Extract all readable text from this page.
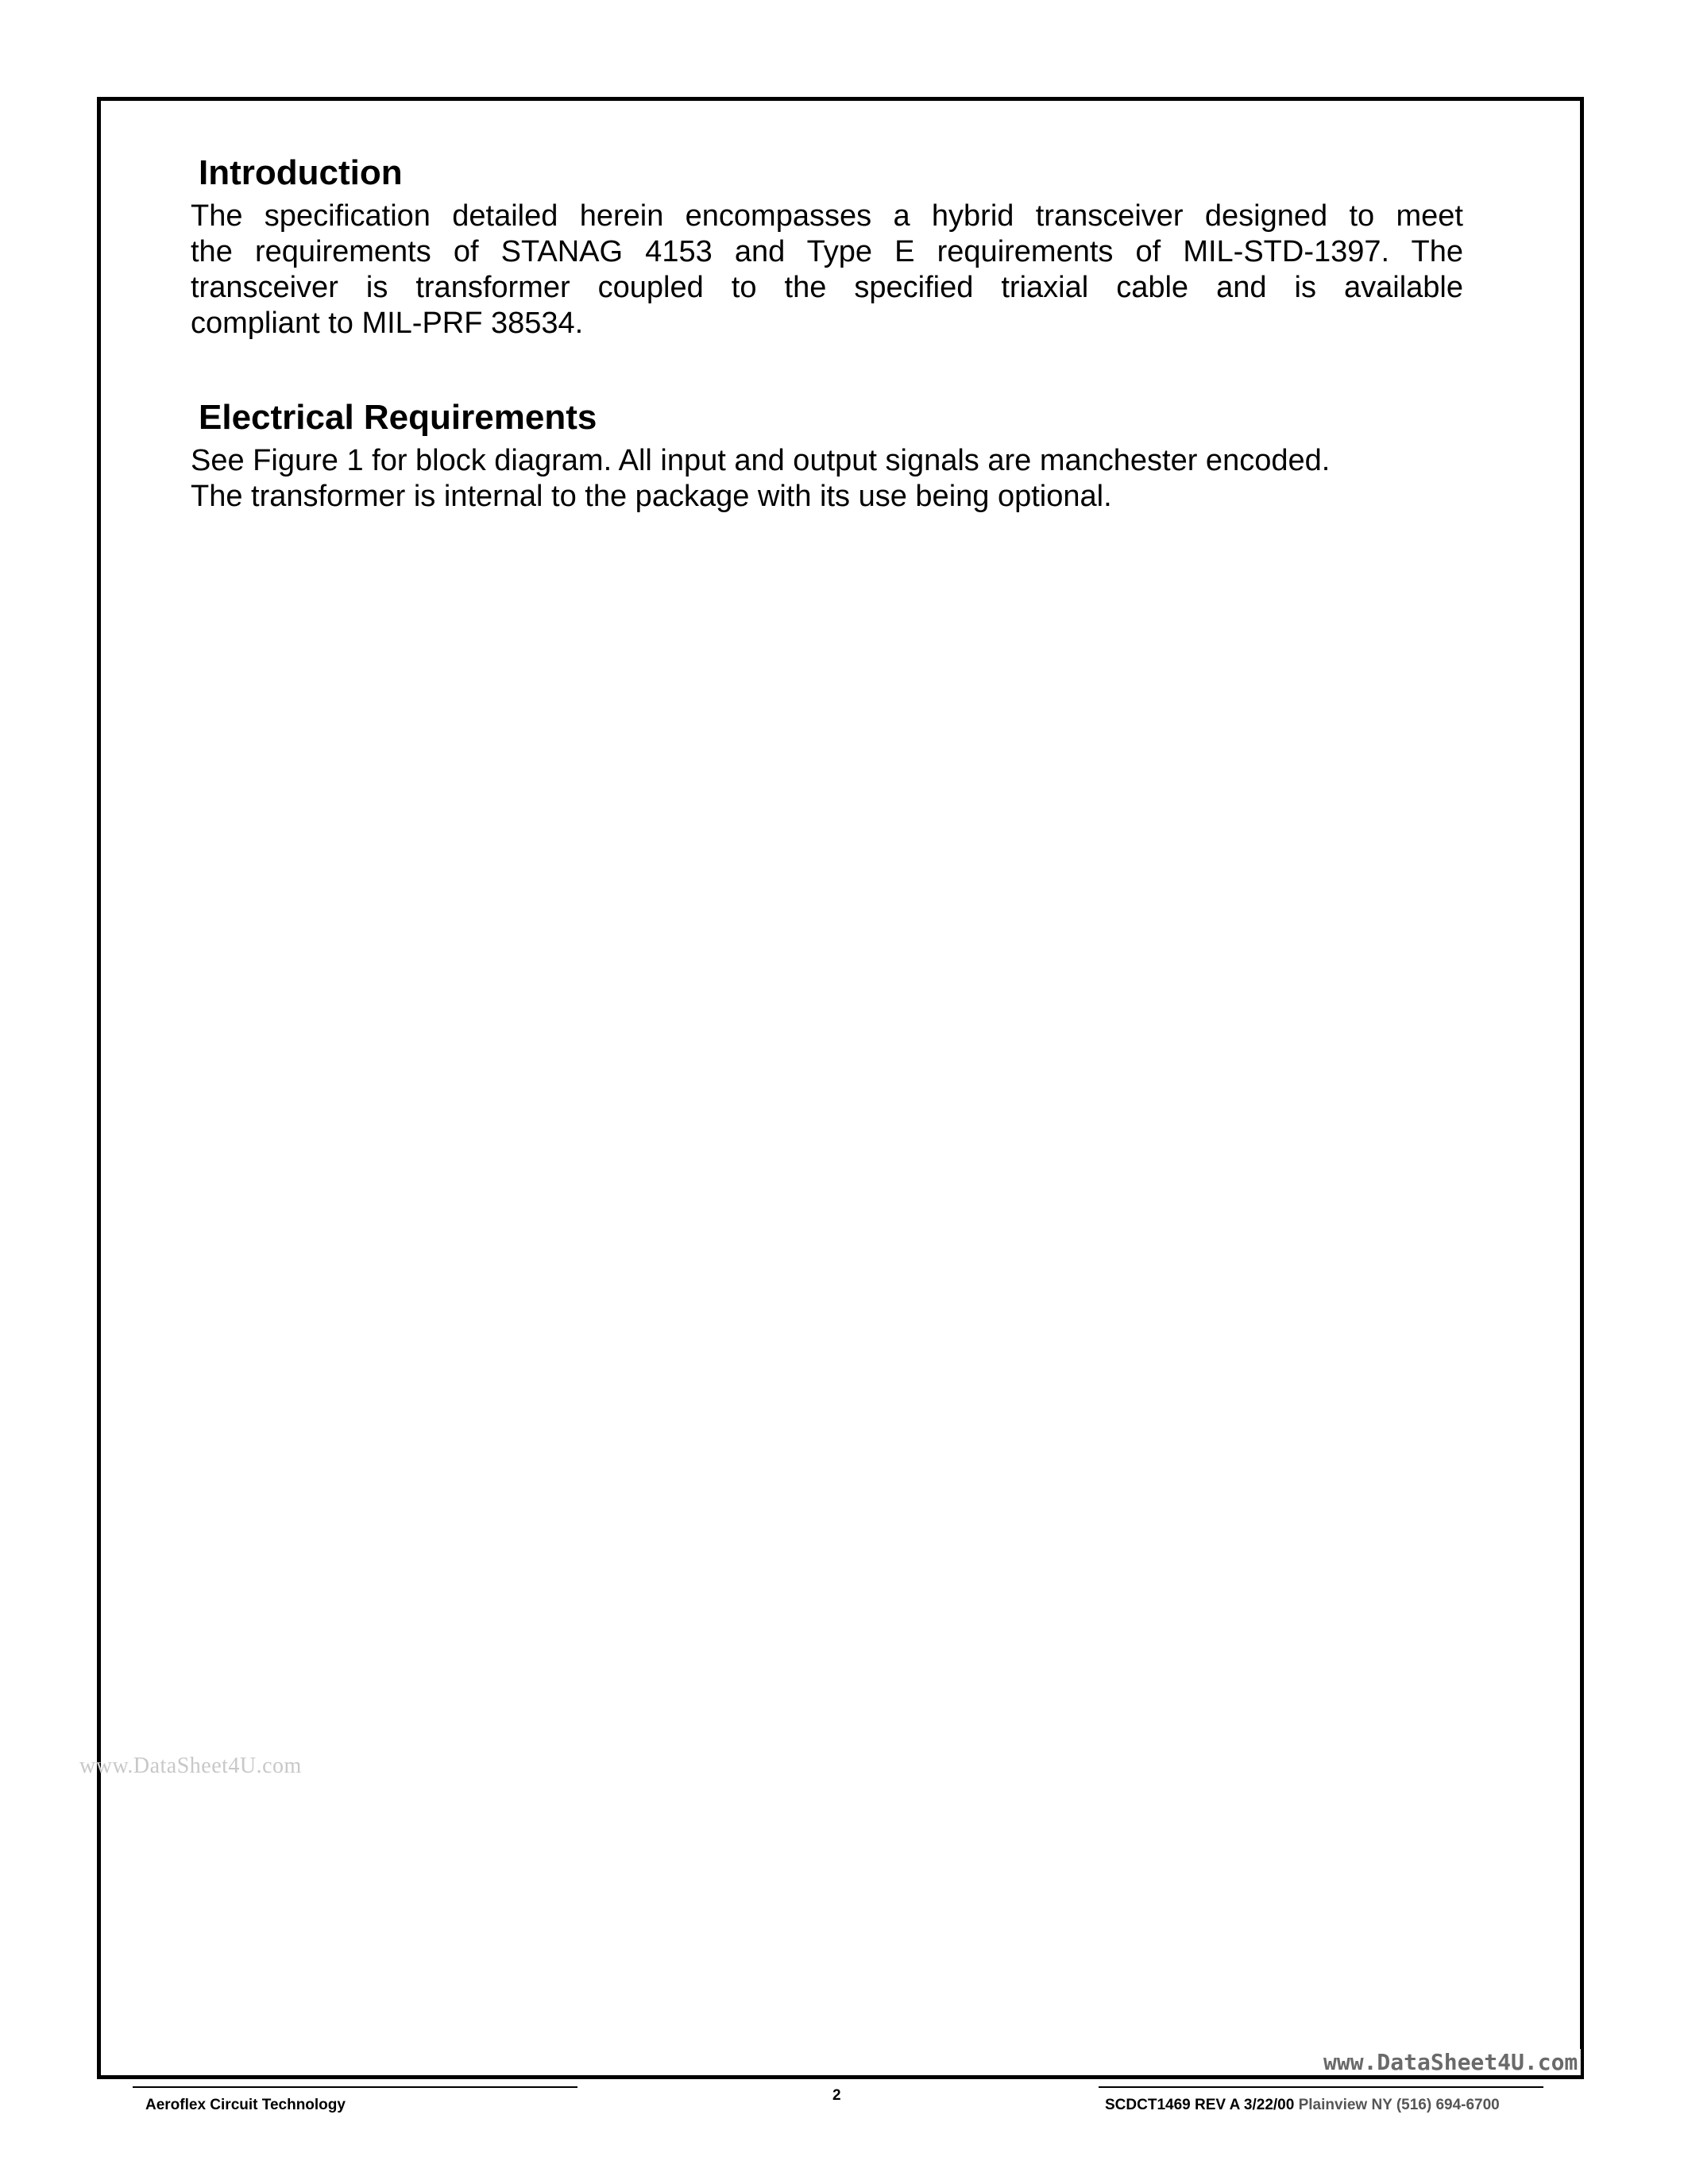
Introduction

The specification detailed herein encompasses a hybrid transceiver designed to meet
the requirements of STANAG 4153 and Type E requirements of MIL-STD-1397. The
transceiver is transformer coupled to the specified triaxial cable and is available
compliant to MIL-PRF 38534.

Electrical Requirements

See Figure 1 for block diagram. All input and output signals are manchester encoded.
The transformer is internal to the package with its use being optional.

www.DataSheet4U.com
www.DataSheet4U.com
Aeroflex Circuit Technology
2
SCDCT1469 REV A 3/22/00 Plainview NY (516) 694-6700
